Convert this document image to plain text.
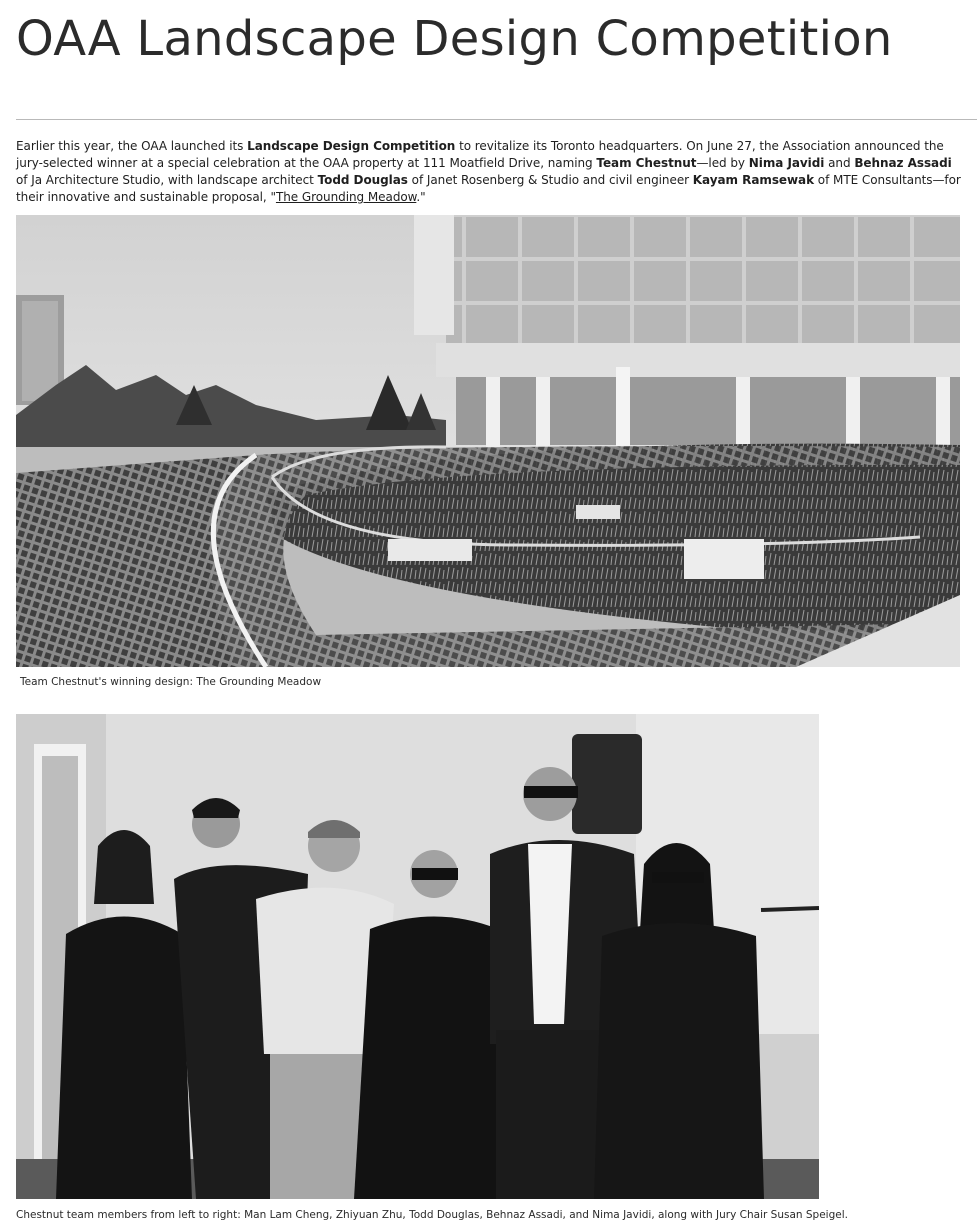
OAA Landscape Design Competition

Earlier this year, the OAA launched its Landscape Design Competition to revitalize its Toronto headquarters. On June 27, the Association announced the jury-selected winner at a special celebration at the OAA property at 111 Moatfield Drive, naming Team Chestnut—led by Nima Javidi and Behnaz Assadi of Ja Architecture Studio, with landscape architect Todd Douglas of Janet Rosenberg & Studio and civil engineer Kayam Ramsewak of MTE Consultants—for their innovative and sustainable proposal, "The Grounding Meadow."

Team Chestnut's winning design: The Grounding Meadow

Chestnut team members from left to right: Man Lam Cheng, Zhiyuan Zhu, Todd Douglas, Behnaz Assadi, and Nima Javidi, along with Jury Chair Susan Speigel.
